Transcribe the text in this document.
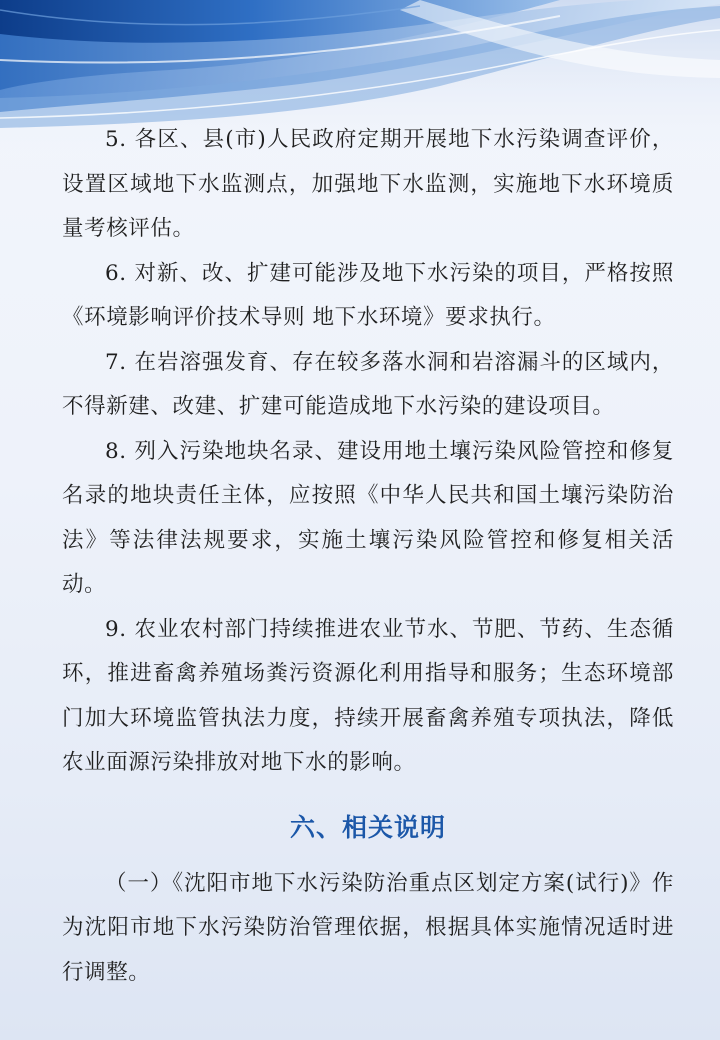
5. 各区、县(市)人民政府定期开展地下水污染调查评价，设置区域地下水监测点，加强地下水监测，实施地下水环境质量考核评估。

6. 对新、改、扩建可能涉及地下水污染的项目，严格按照《环境影响评价技术导则 地下水环境》要求执行。

7. 在岩溶强发育、存在较多落水洞和岩溶漏斗的区域内，不得新建、改建、扩建可能造成地下水污染的建设项目。

8. 列入污染地块名录、建设用地土壤污染风险管控和修复名录的地块责任主体，应按照《中华人民共和国土壤污染防治法》等法律法规要求，实施土壤污染风险管控和修复相关活动。

9. 农业农村部门持续推进农业节水、节肥、节药、生态循环，推进畜禽养殖场粪污资源化利用指导和服务；生态环境部门加大环境监管执法力度，持续开展畜禽养殖专项执法，降低农业面源污染排放对地下水的影响。

六、相关说明

（一）《沈阳市地下水污染防治重点区划定方案(试行)》作为沈阳市地下水污染防治管理依据，根据具体实施情况适时进行调整。
